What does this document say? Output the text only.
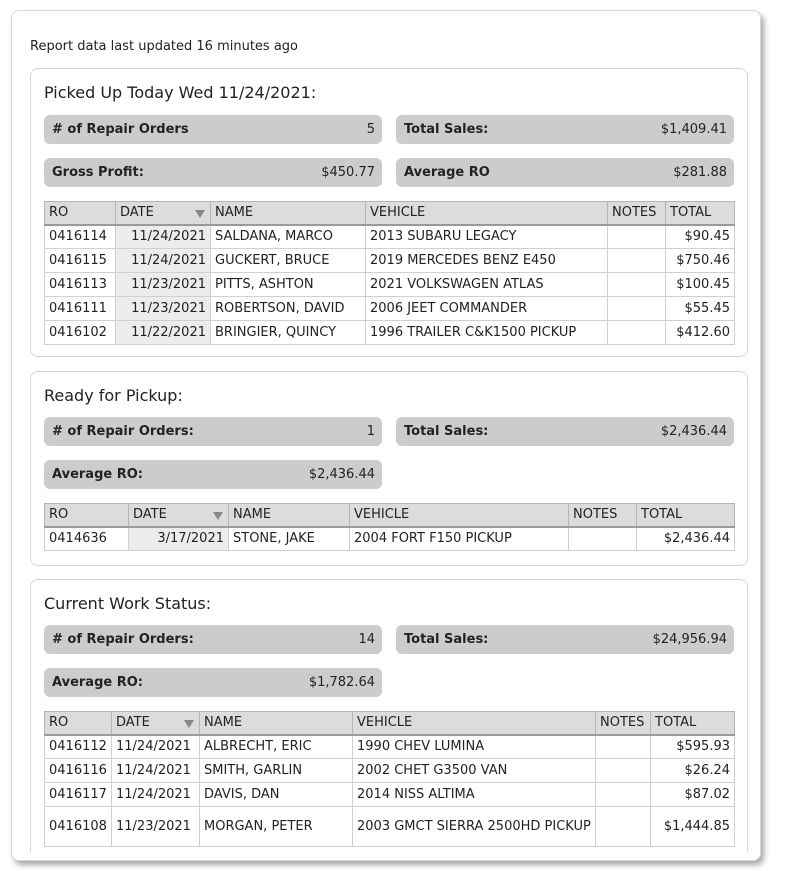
Report data last updated 16 minutes ago
Picked Up Today Wed 11/24/2021:
# of Repair Orders	5 Total Sales:	$1,409.41
Gross Profit:	$450.77 Average RO	$281.88
RO	DATE	NAME	VEHICLE	NOTES	TOTAL
0416114	11/24/2021	SALDANA, MARCO	2013 SUBARU LEGACY		$90.45
0416115	11/24/2021	GUCKERT, BRUCE	2019 MERCEDES BENZ E450		$750.46
0416113	11/23/2021	PITTS, ASHTON	2021 VOLKSWAGEN ATLAS		$100.45
0416111	11/23/2021	ROBERTSON, DAVID	2006 JEET COMMANDER		$55.45
0416102	11/22/2021	BRINGIER, QUINCY	1996 TRAILER C&K1500 PICKUP		$412.60
Ready for Pickup:
# of Repair Orders:	1 Total Sales:	$2,436.44
Average RO:	$2,436.44
RO	DATE	NAME	VEHICLE	NOTES	TOTAL
0414636	3/17/2021	STONE, JAKE	2004 FORT F150 PICKUP		$2,436.44
Current Work Status:
# of Repair Orders:	14 Total Sales:	$24,956.94
Average RO:	$1,782.64
RO	DATE	NAME	VEHICLE	NOTES	TOTAL
0416112	11/24/2021	ALBRECHT, ERIC	1990 CHEV LUMINA		$595.93
0416116	11/24/2021	SMITH, GARLIN	2002 CHET G3500 VAN		$26.24
0416117	11/24/2021	DAVIS, DAN	2014 NISS ALTIMA		$87.02
0416108	11/23/2021	MORGAN, PETER	2003 GMCT SIERRA 2500HD PICKUP		$1,444.85
